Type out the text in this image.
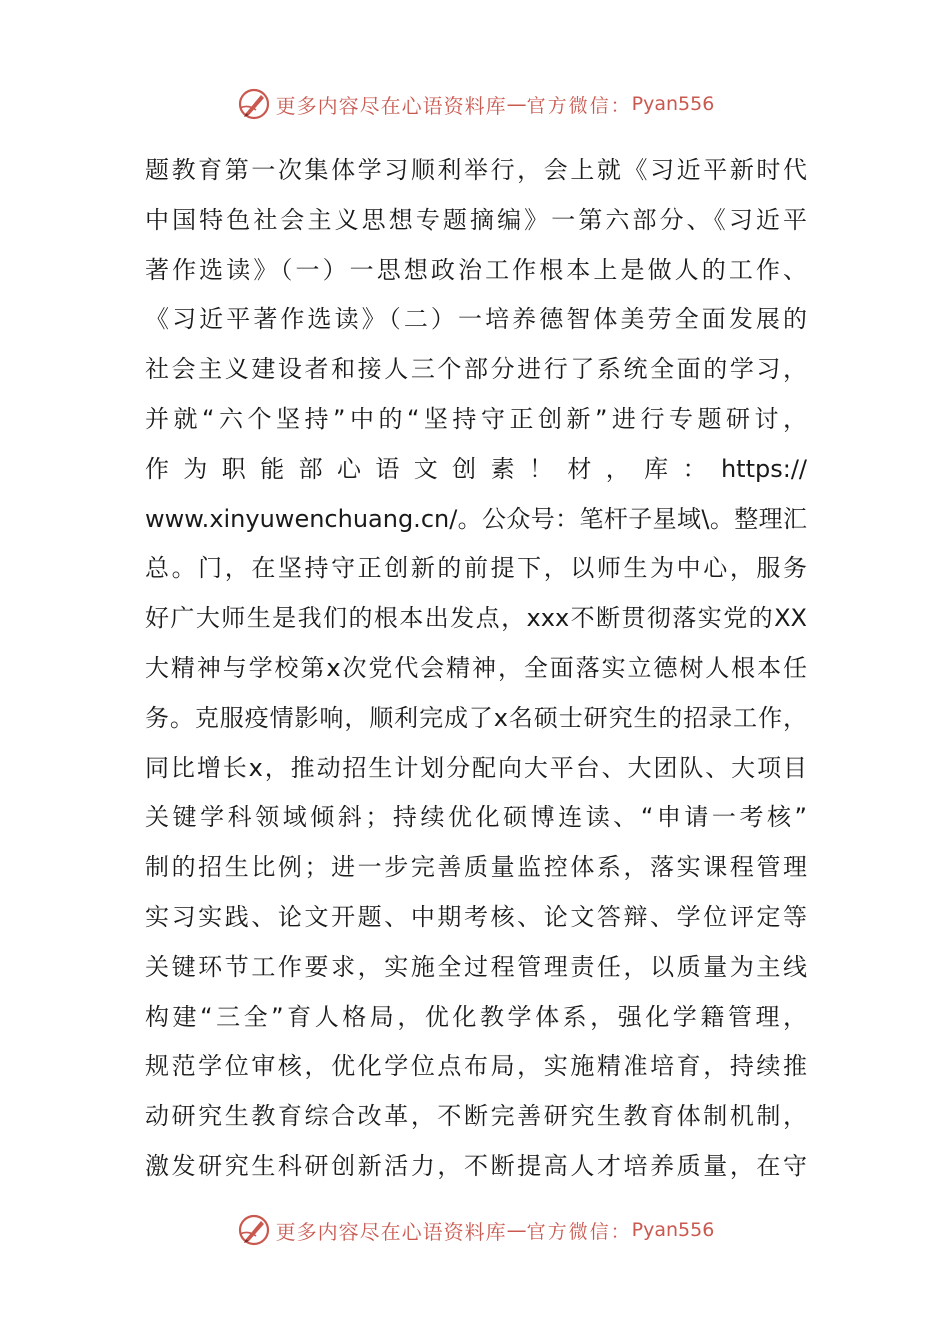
更多内容尽在心语资料库 — 官方微信： Pyan556
题教育第一次集体学习顺利举行，会上就《习近平新时代
中国特色社会主义思想专题摘编》一第六部分、《习近平
著作选读》（一）一思想政治工作根本上是做人的工作、
《习近平著作选读》（二）一培养德智体美劳全面发展的
社会主义建设者和接人三个部分进行了系统全面的学习，
并就“六个坚持”中的“坚持守正创新”进行专题研讨，
作为职能部心语文创素！材，库：https://
www.xinyuwenchuang.cn/。公众号：笔杆子星域\。整理汇
总。门，在坚持守正创新的前提下，以师生为中心，服务
好广大师生是我们的根本出发点，xxx不断贯彻落实党的XX
大精神与学校第x次党代会精神，全面落实立德树人根本任
务。克服疫情影响，顺利完成了x名硕士研究生的招录工作，
同比增长x，推动招生计划分配向大平台、大团队、大项目
关键学科领域倾斜；持续优化硕博连读、“申请一考核”
制的招生比例；进一步完善质量监控体系，落实课程管理
实习实践、论文开题、中期考核、论文答辩、学位评定等
关键环节工作要求，实施全过程管理责任，以质量为主线
构建“三全”育人格局，优化教学体系，强化学籍管理，
规范学位审核，优化学位点布局，实施精准培育，持续推
动研究生教育综合改革，不断完善研究生教育体制机制，
激发研究生科研创新活力，不断提高人才培养质量，在守
更多内容尽在心语资料库 — 官方微信： Pyan556
